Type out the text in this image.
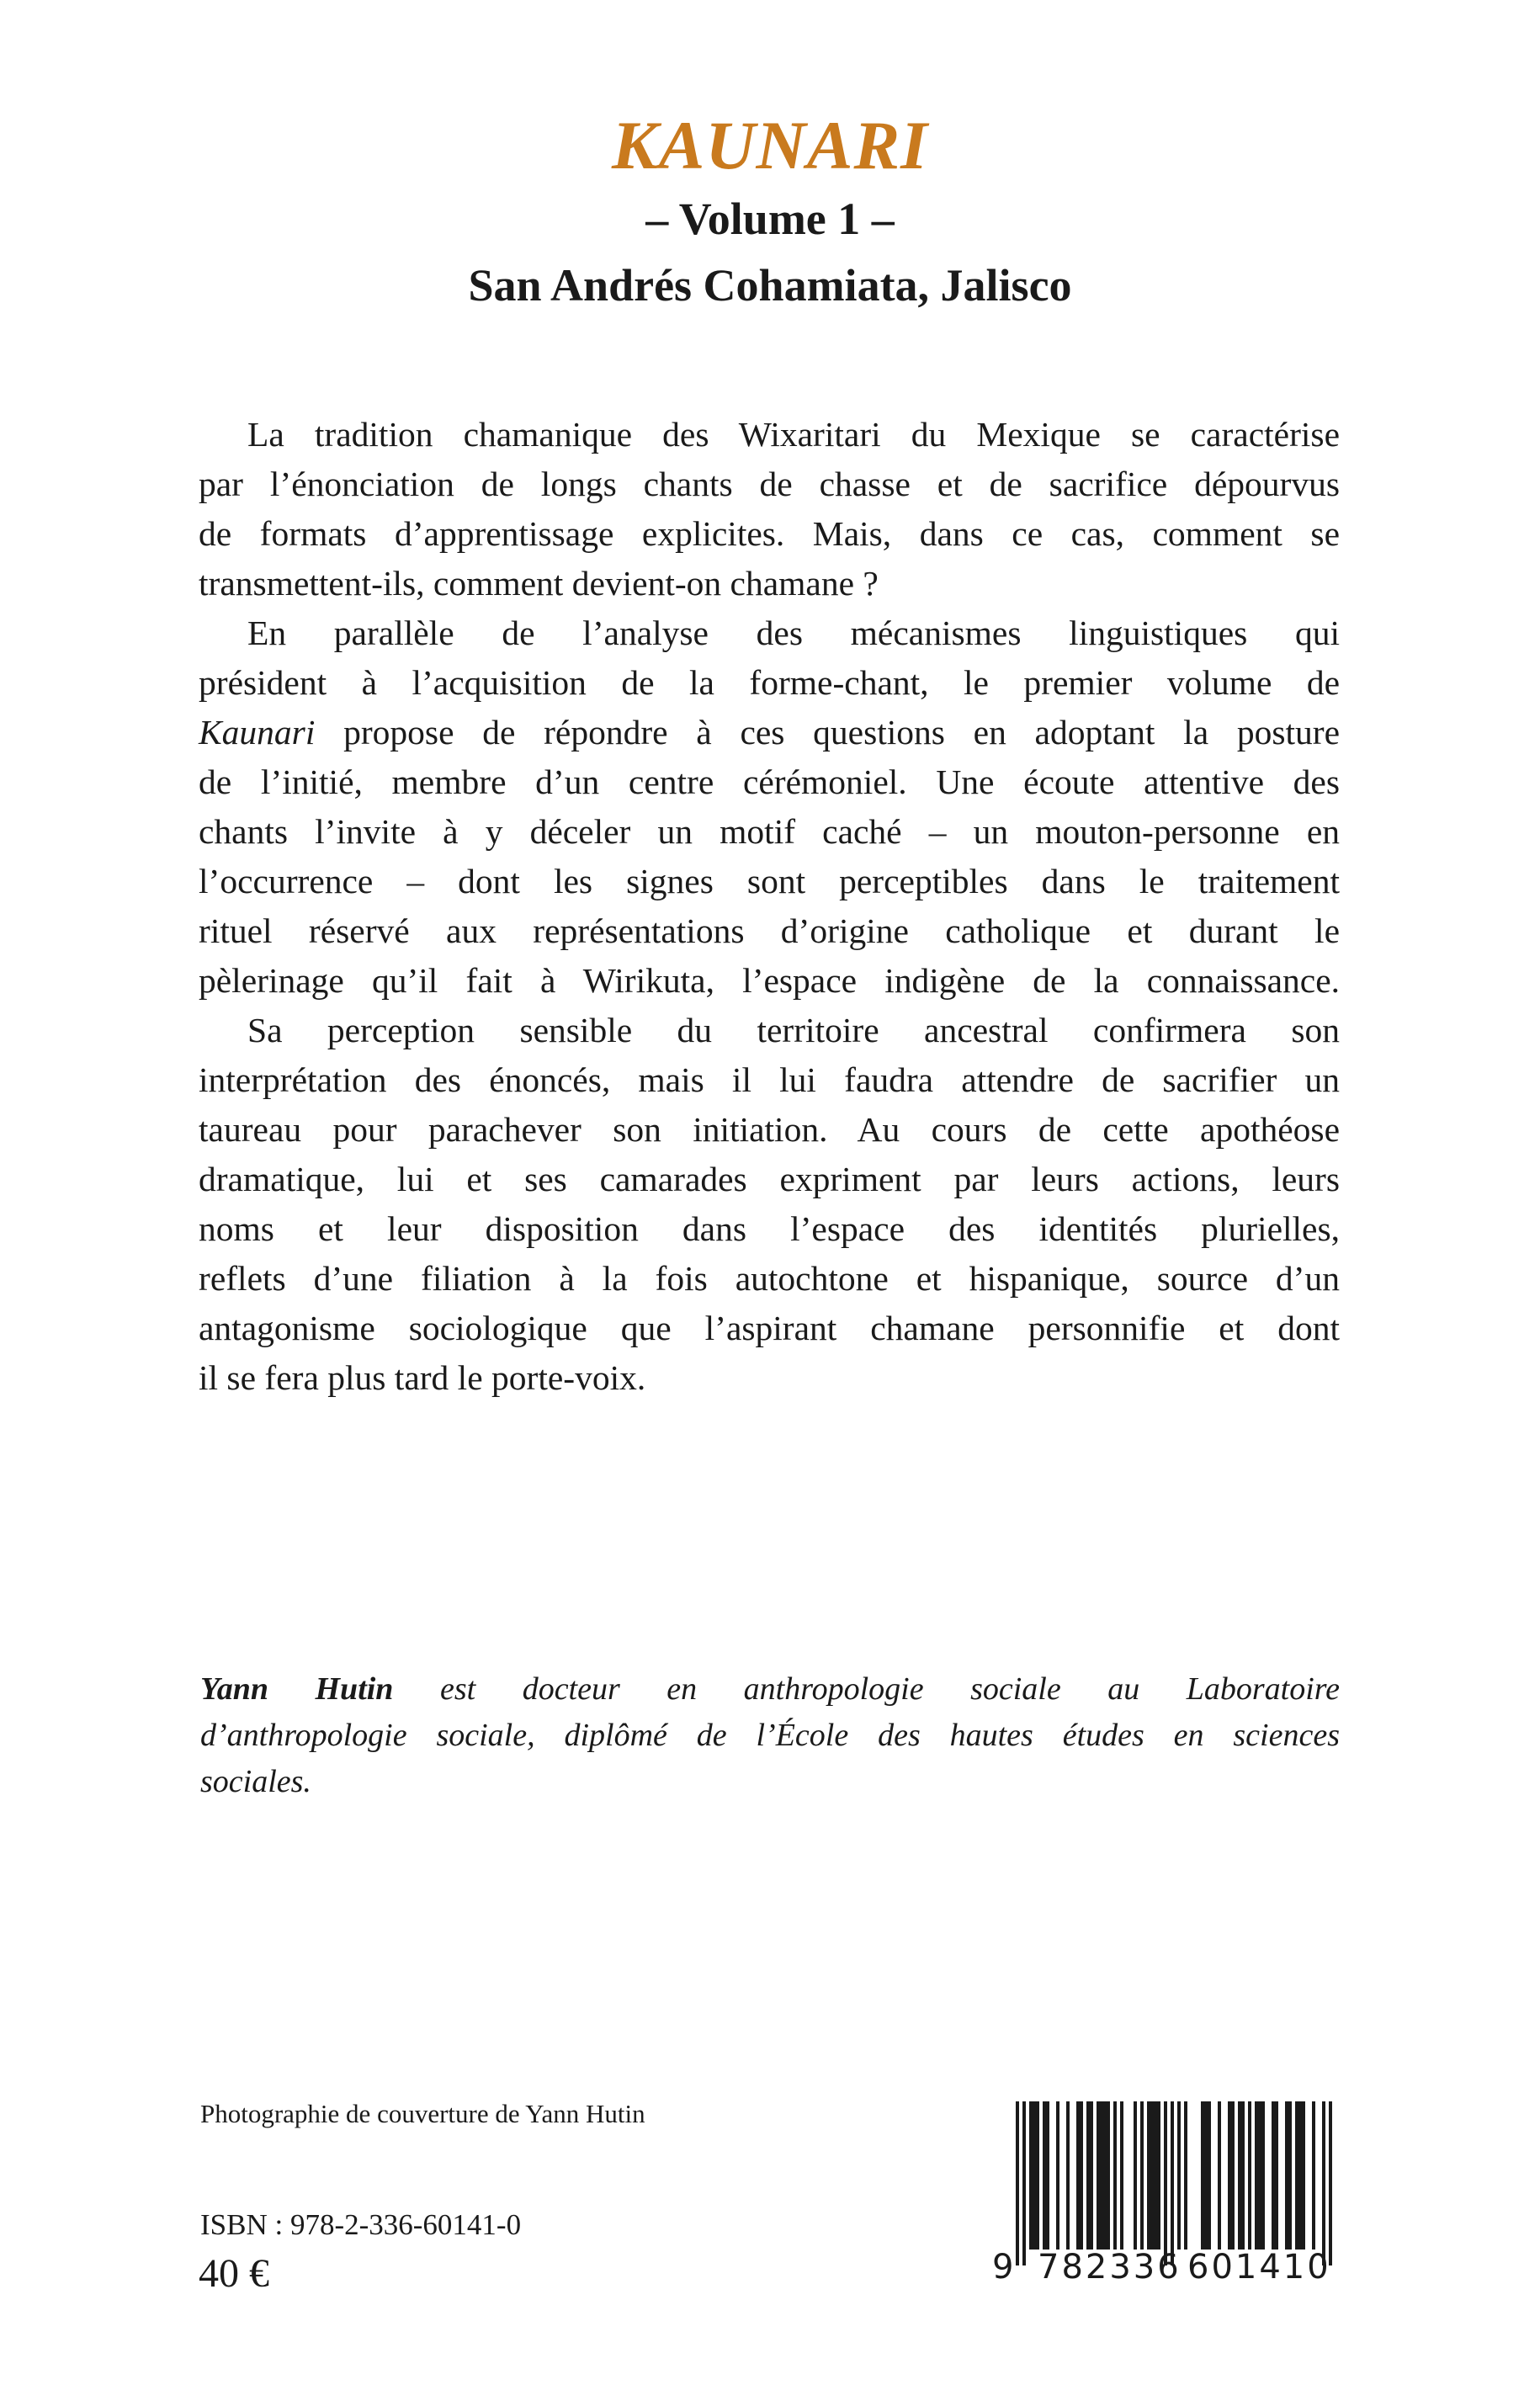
KAUNARI
– Volume 1 –
San Andrés Cohamiata, Jalisco
La tradition chamanique des Wixaritari du Mexique se caractérise
par l’énonciation de longs chants de chasse et de sacrifice dépourvus
de formats d’apprentissage explicites. Mais, dans ce cas, comment se
transmettent-ils, comment devient-on chamane ?
En parallèle de l’analyse des mécanismes linguistiques qui
président à l’acquisition de la forme-chant, le premier volume de
Kaunari propose de répondre à ces questions en adoptant la posture
de l’initié, membre d’un centre cérémoniel. Une écoute attentive des
chants l’invite à y déceler un motif caché – un mouton-personne en
l’occurrence – dont les signes sont perceptibles dans le traitement
rituel réservé aux représentations d’origine catholique et durant le
pèlerinage qu’il fait à Wirikuta, l’espace indigène de la connaissance.
Sa perception sensible du territoire ancestral confirmera son
interprétation des énoncés, mais il lui faudra attendre de sacrifier un
taureau pour parachever son initiation. Au cours de cette apothéose
dramatique, lui et ses camarades expriment par leurs actions, leurs
noms et leur disposition dans l’espace des identités plurielles,
reflets d’une filiation à la fois autochtone et hispanique, source d’un
antagonisme sociologique que l’aspirant chamane personnifie et dont
il se fera plus tard le porte-voix.
Yann Hutin est docteur en anthropologie sociale au Laboratoire
d’anthropologie sociale, diplômé de l’École des hautes études en sciences
sociales.
Photographie de couverture de Yann Hutin
ISBN : 978-2-336-60141-0
40 €	9 782336 601410
